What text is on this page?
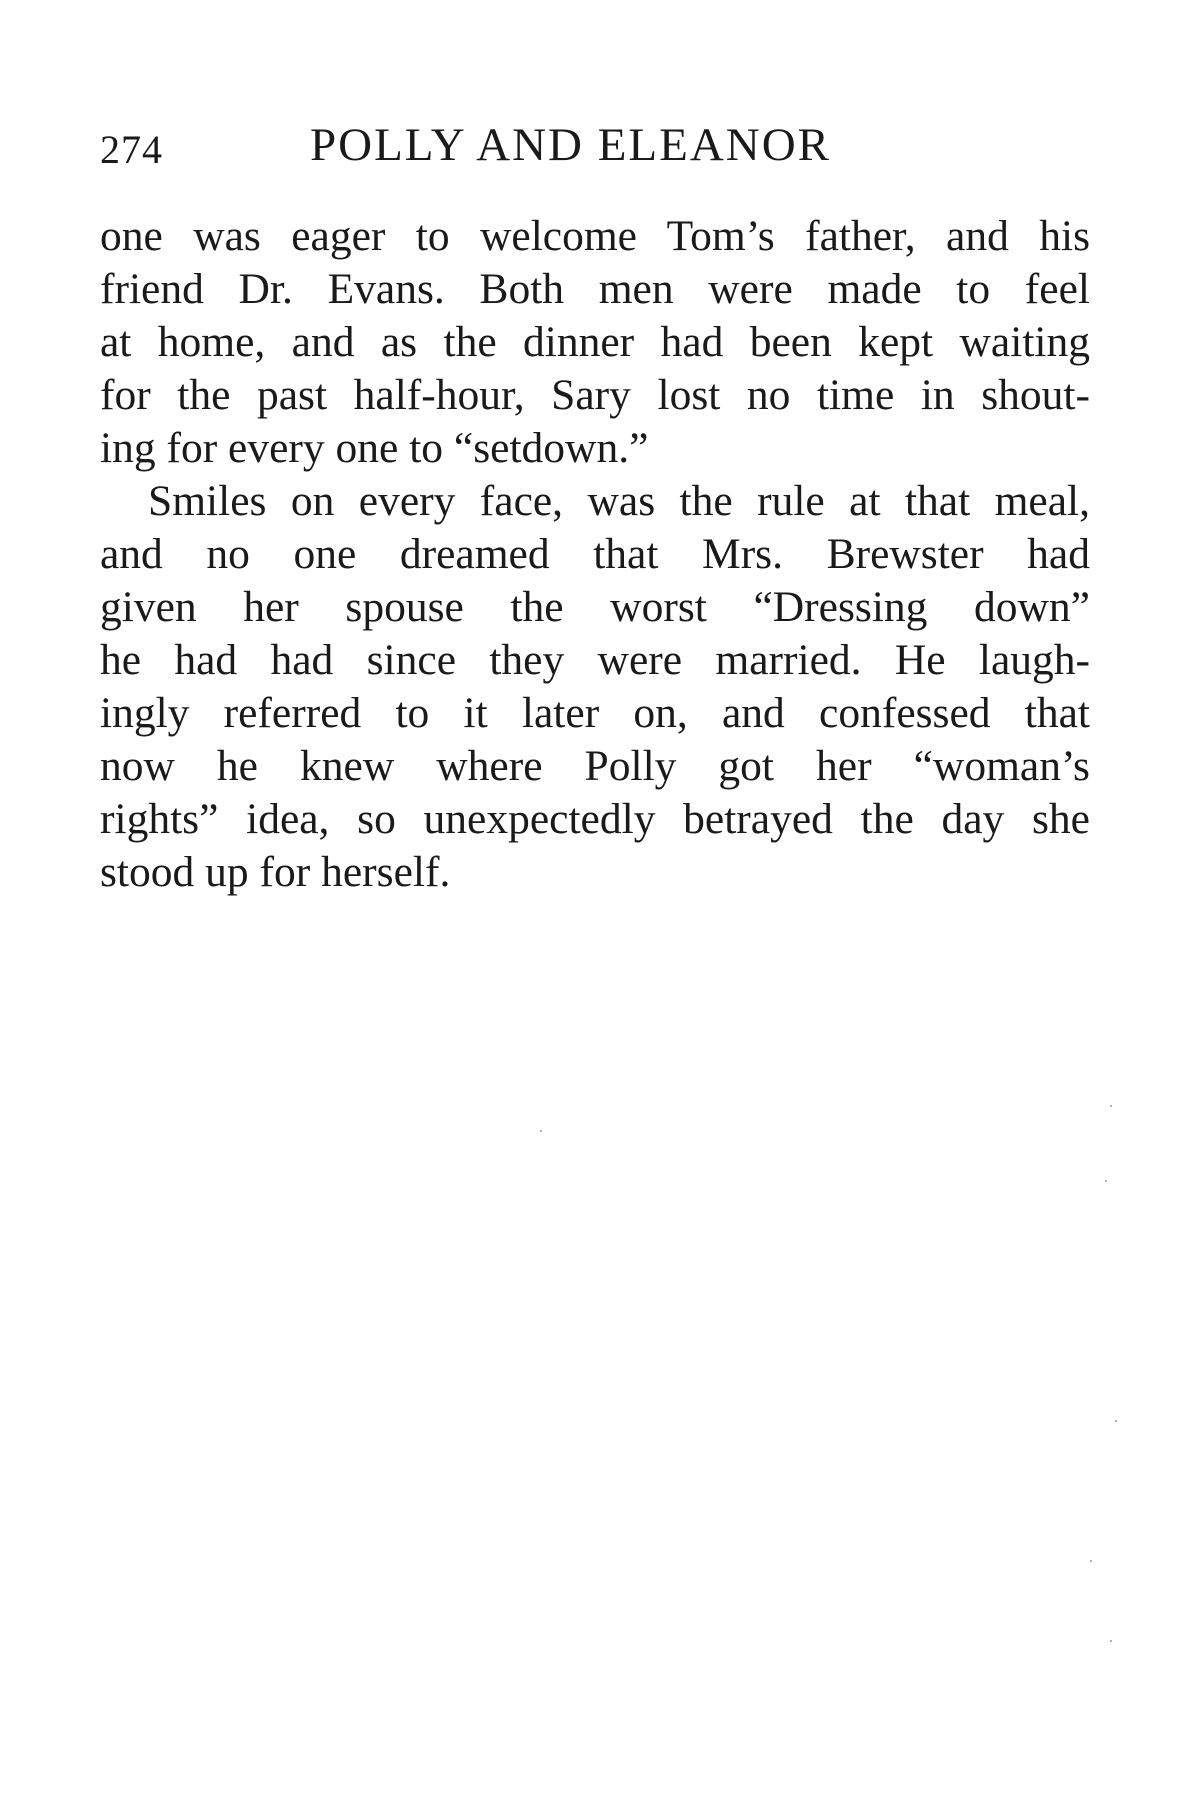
274	POLLY AND ELEANOR
one was eager to welcome Tom’s father, and his
friend Dr. Evans. Both men were made to feel
at home, and as the dinner had been kept waiting
for the past half-hour, Sary lost no time in shout-
ing for every one to “setdown.”
Smiles on every face, was the rule at that meal,
and no one dreamed that Mrs. Brewster had
given her spouse the worst “Dressing down”
he had had since they were married. He laugh-
ingly referred to it later on, and confessed that
now he knew where Polly got her “woman’s
rights” idea, so unexpectedly betrayed the day she
stood up for herself.
